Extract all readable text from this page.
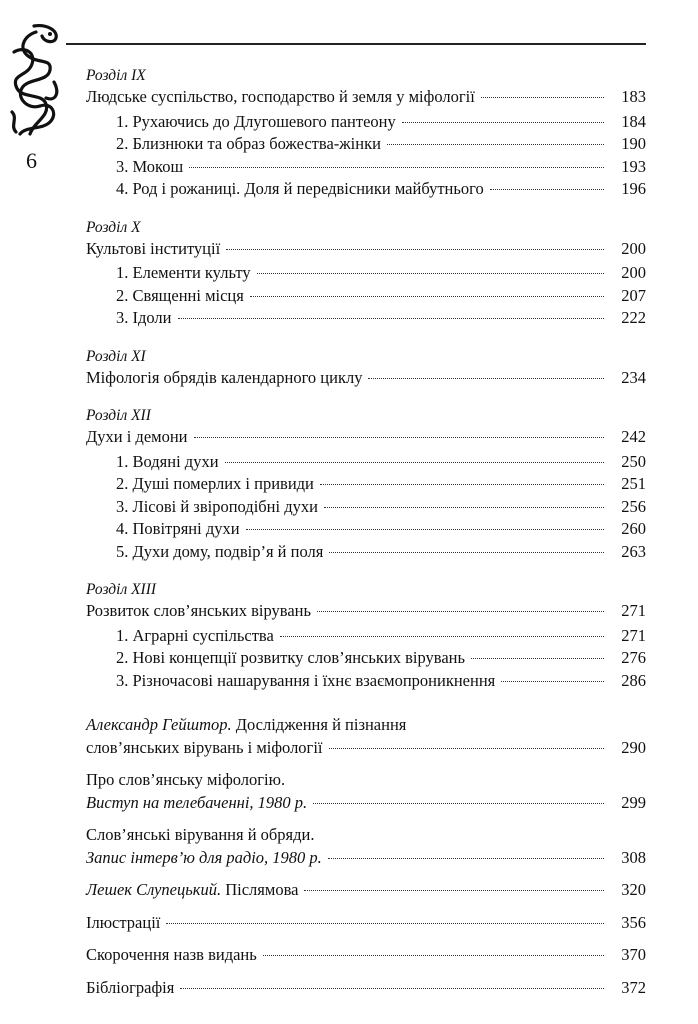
6
Розділ IX
Людське суспільство, господарство й земля у міфології	183
1. Рухаючись до Длугошевого пантеону	184
2. Близнюки та образ божества-жінки	190
3. Мокош	193
4. Род і рожаниці. Доля й передвісники майбутнього	196
Розділ X
Культові інституції	200
1. Елементи культу	200
2. Священні місця	207
3. Ідоли	222
Розділ XI
Міфологія обрядів календарного циклу	234
Розділ XII
Духи і демони	242
1. Водяні духи	250
2. Душі померлих і привиди	251
3. Лісові й звіроподібні духи	256
4. Повітряні духи	260
5. Духи дому, подвір’я й поля	263
Розділ XIII
Розвиток слов’янських вірувань	271
1. Аграрні суспільства	271
2. Нові концепції розвитку слов’янських вірувань	276
3. Різночасові нашарування і їхнє взаємопроникнення	286
Александр Гейштор. Дослідження й пізнання
слов’янських вірувань і міфології	290
Про слов’янську міфологію.
Виступ на телебаченні, 1980 р.	299
Слов’янські вірування й обряди.
Запис інтерв’ю для радіо, 1980 р.	308
Лешек Слупецький. Післямова	320
Ілюстрації	356
Скорочення назв видань	370
Бібліографія	372
